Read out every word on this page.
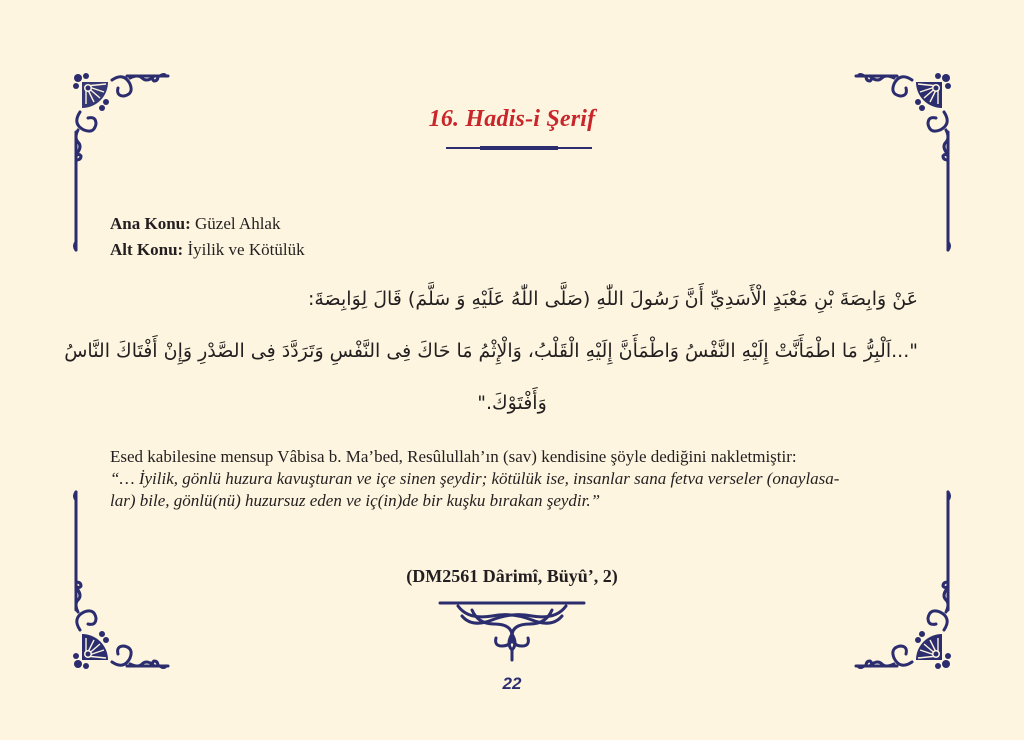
16. Hadis-i Şerif
Ana Konu: Güzel Ahlak
Alt Konu: İyilik ve Kötülük
عَنْ وَابِصَةَ بْنِ مَعْبَدٍ الْأَسَدِيِّ أَنَّ رَسُولَ اللّٰهِ (صَلَّى اللّٰهُ عَلَيْهِ وَ سَلَّمَ) قَالَ لِوَابِصَةَ:
"...اَلْبِرُّ مَا اطْمَأَنَّتْ إِلَيْهِ النَّفْسُ وَاطْمَأَنَّ إِلَيْهِ الْقَلْبُ، وَالْإِثْمُ مَا حَاكَ فِى النَّفْسِ وَتَرَدَّدَ فِى الصَّدْرِ وَإِنْ أَفْتَاكَ النَّاسُ
وَأَفْتَوْكَ."
Esed kabilesine mensup Vâbisa b. Ma’bed, Resûlullah’ın (sav) kendisine şöyle dediğini nakletmiştir:
“… İyilik, gönlü huzura kavuşturan ve içe sinen şeydir; kötülük ise, insanlar sana fetva verseler (onaylasa-
lar) bile, gönlü(nü) huzursuz eden ve iç(in)de bir kuşku bırakan şeydir.”
(DM2561 Dârimî, Büyû’, 2)
22
